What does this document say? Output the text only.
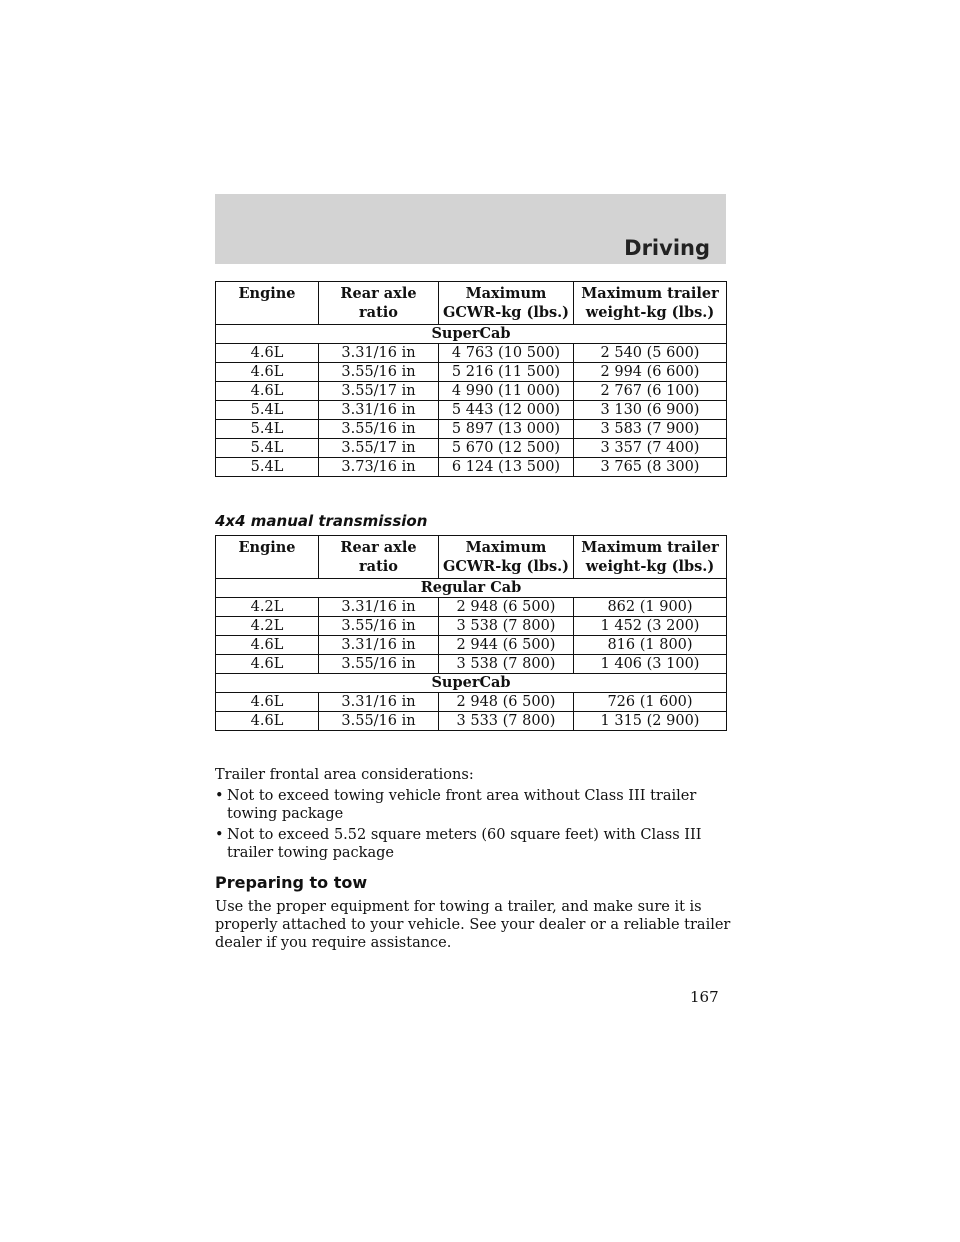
Driving
Engine	Rear axle ratio	Maximum GCWR-kg (lbs.)	Maximum trailer weight-kg (lbs.)
SuperCab			
4.6L	3.31/16 in	4 763 (10 500)	2 540 (5 600)
4.6L	3.55/16 in	5 216 (11 500)	2 994 (6 600)
4.6L	3.55/17 in	4 990 (11 000)	2 767 (6 100)
5.4L	3.31/16 in	5 443 (12 000)	3 130 (6 900)
5.4L	3.55/16 in	5 897 (13 000)	3 583 (7 900)
5.4L	3.55/17 in	5 670 (12 500)	3 357 (7 400)
5.4L	3.73/16 in	6 124 (13 500)	3 765 (8 300)
4x4 manual transmission
Engine	Rear axle ratio	Maximum GCWR-kg (lbs.)	Maximum trailer weight-kg (lbs.)
Regular Cab			
4.2L	3.31/16 in	2 948 (6 500)	862 (1 900)
4.2L	3.55/16 in	3 538 (7 800)	1 452 (3 200)
4.6L	3.31/16 in	2 944 (6 500)	816 (1 800)
4.6L	3.55/16 in	3 538 (7 800)	1 406 (3 100)
SuperCab			
4.6L	3.31/16 in	2 948 (6 500)	726 (1 600)
4.6L	3.55/16 in	3 533 (7 800)	1 315 (2 900)
Trailer frontal area considerations:
• Not to exceed towing vehicle front area without Class III trailer towing package
• Not to exceed 5.52 square meters (60 square feet) with Class III trailer towing package
Preparing to tow
Use the proper equipment for towing a trailer, and make sure it is properly attached to your vehicle. See your dealer or a reliable trailer dealer if you require assistance.
167
